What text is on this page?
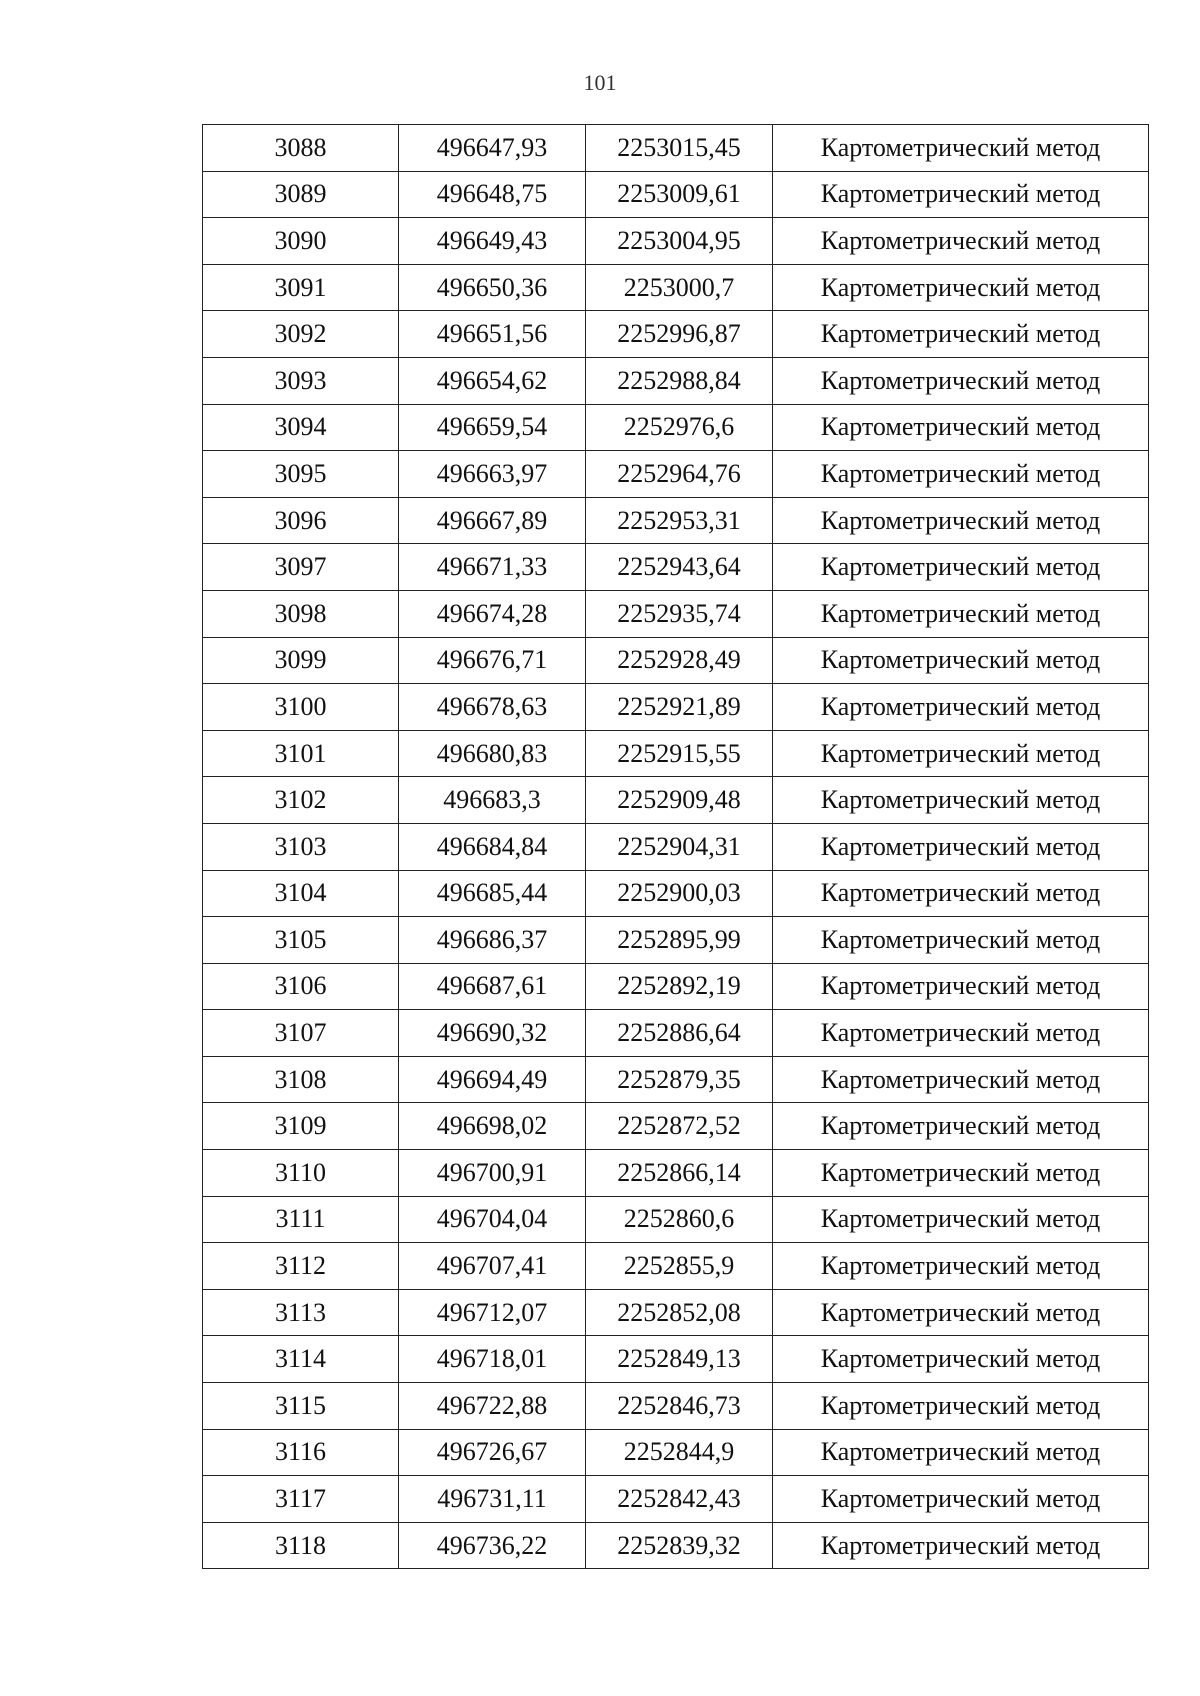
101
3088	496647,93	2253015,45	Картометрический метод
3089	496648,75	2253009,61	Картометрический метод
3090	496649,43	2253004,95	Картометрический метод
3091	496650,36	2253000,7	Картометрический метод
3092	496651,56	2252996,87	Картометрический метод
3093	496654,62	2252988,84	Картометрический метод
3094	496659,54	2252976,6	Картометрический метод
3095	496663,97	2252964,76	Картометрический метод
3096	496667,89	2252953,31	Картометрический метод
3097	496671,33	2252943,64	Картометрический метод
3098	496674,28	2252935,74	Картометрический метод
3099	496676,71	2252928,49	Картометрический метод
3100	496678,63	2252921,89	Картометрический метод
3101	496680,83	2252915,55	Картометрический метод
3102	496683,3	2252909,48	Картометрический метод
3103	496684,84	2252904,31	Картометрический метод
3104	496685,44	2252900,03	Картометрический метод
3105	496686,37	2252895,99	Картометрический метод
3106	496687,61	2252892,19	Картометрический метод
3107	496690,32	2252886,64	Картометрический метод
3108	496694,49	2252879,35	Картометрический метод
3109	496698,02	2252872,52	Картометрический метод
3110	496700,91	2252866,14	Картометрический метод
3111	496704,04	2252860,6	Картометрический метод
3112	496707,41	2252855,9	Картометрический метод
3113	496712,07	2252852,08	Картометрический метод
3114	496718,01	2252849,13	Картометрический метод
3115	496722,88	2252846,73	Картометрический метод
3116	496726,67	2252844,9	Картометрический метод
3117	496731,11	2252842,43	Картометрический метод
3118	496736,22	2252839,32	Картометрический метод
